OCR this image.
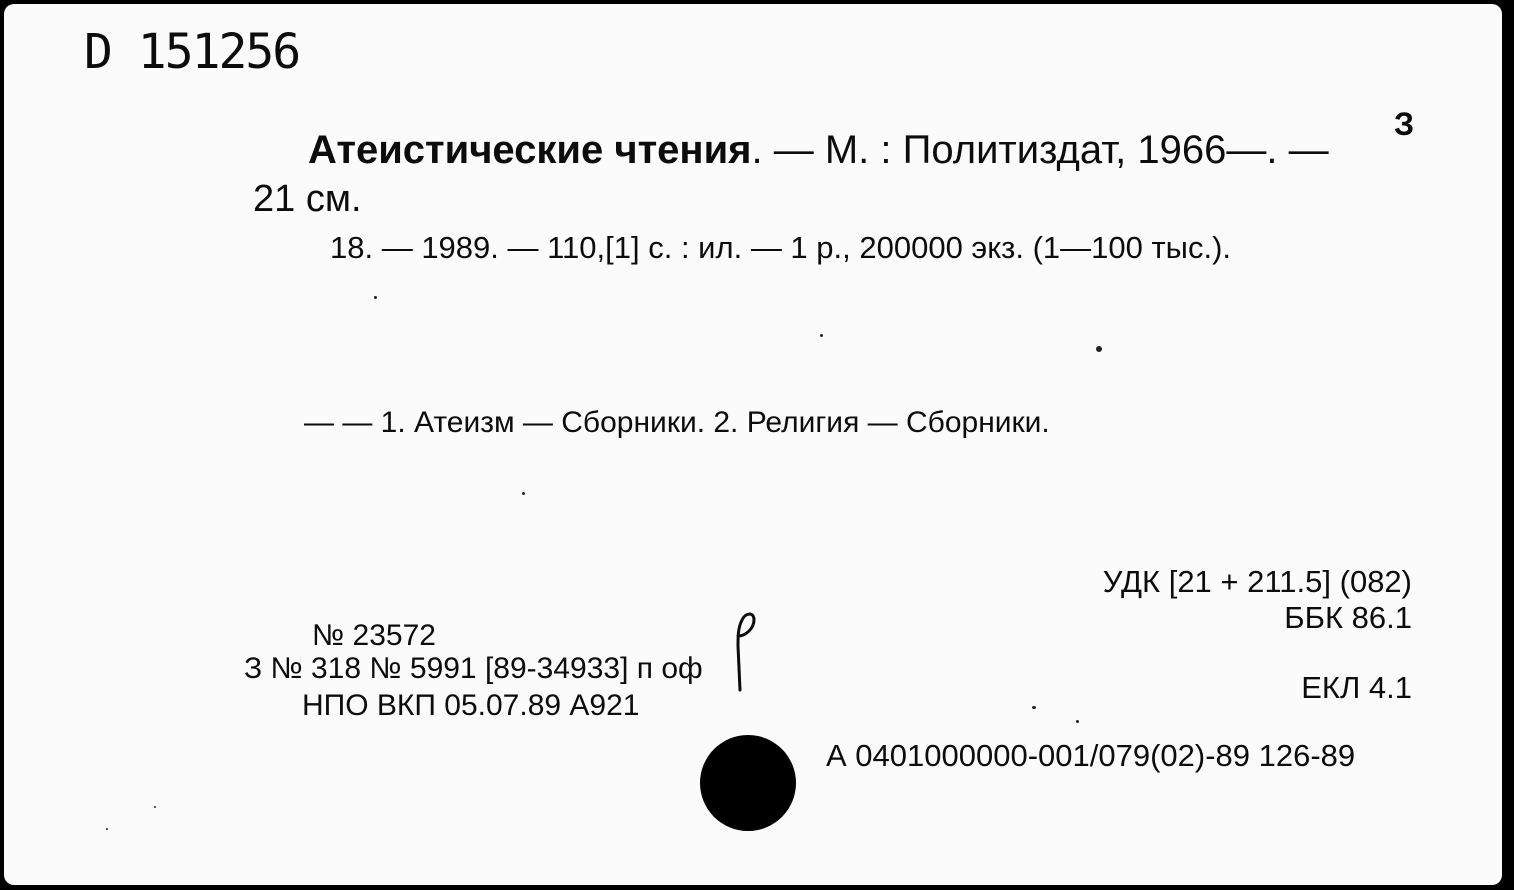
D 151256
З
Атеистические чтения. — М. : Политиздат, 1966—. —
21 см.
18. — 1989. — 110,[1] с. : ил. — 1 р., 200000 экз. (1—100 тыс.).
— — 1. Атеизм — Сборники. 2. Религия — Сборники.
УДК [21 + 211.5] (082)
ББК 86.1
ЕКЛ 4.1
А 0401000000-001/079(02)-89 126-89
№ 23572
З № 318 № 5991 [89-34933] п оф
НПО ВКП 05.07.89 А921
